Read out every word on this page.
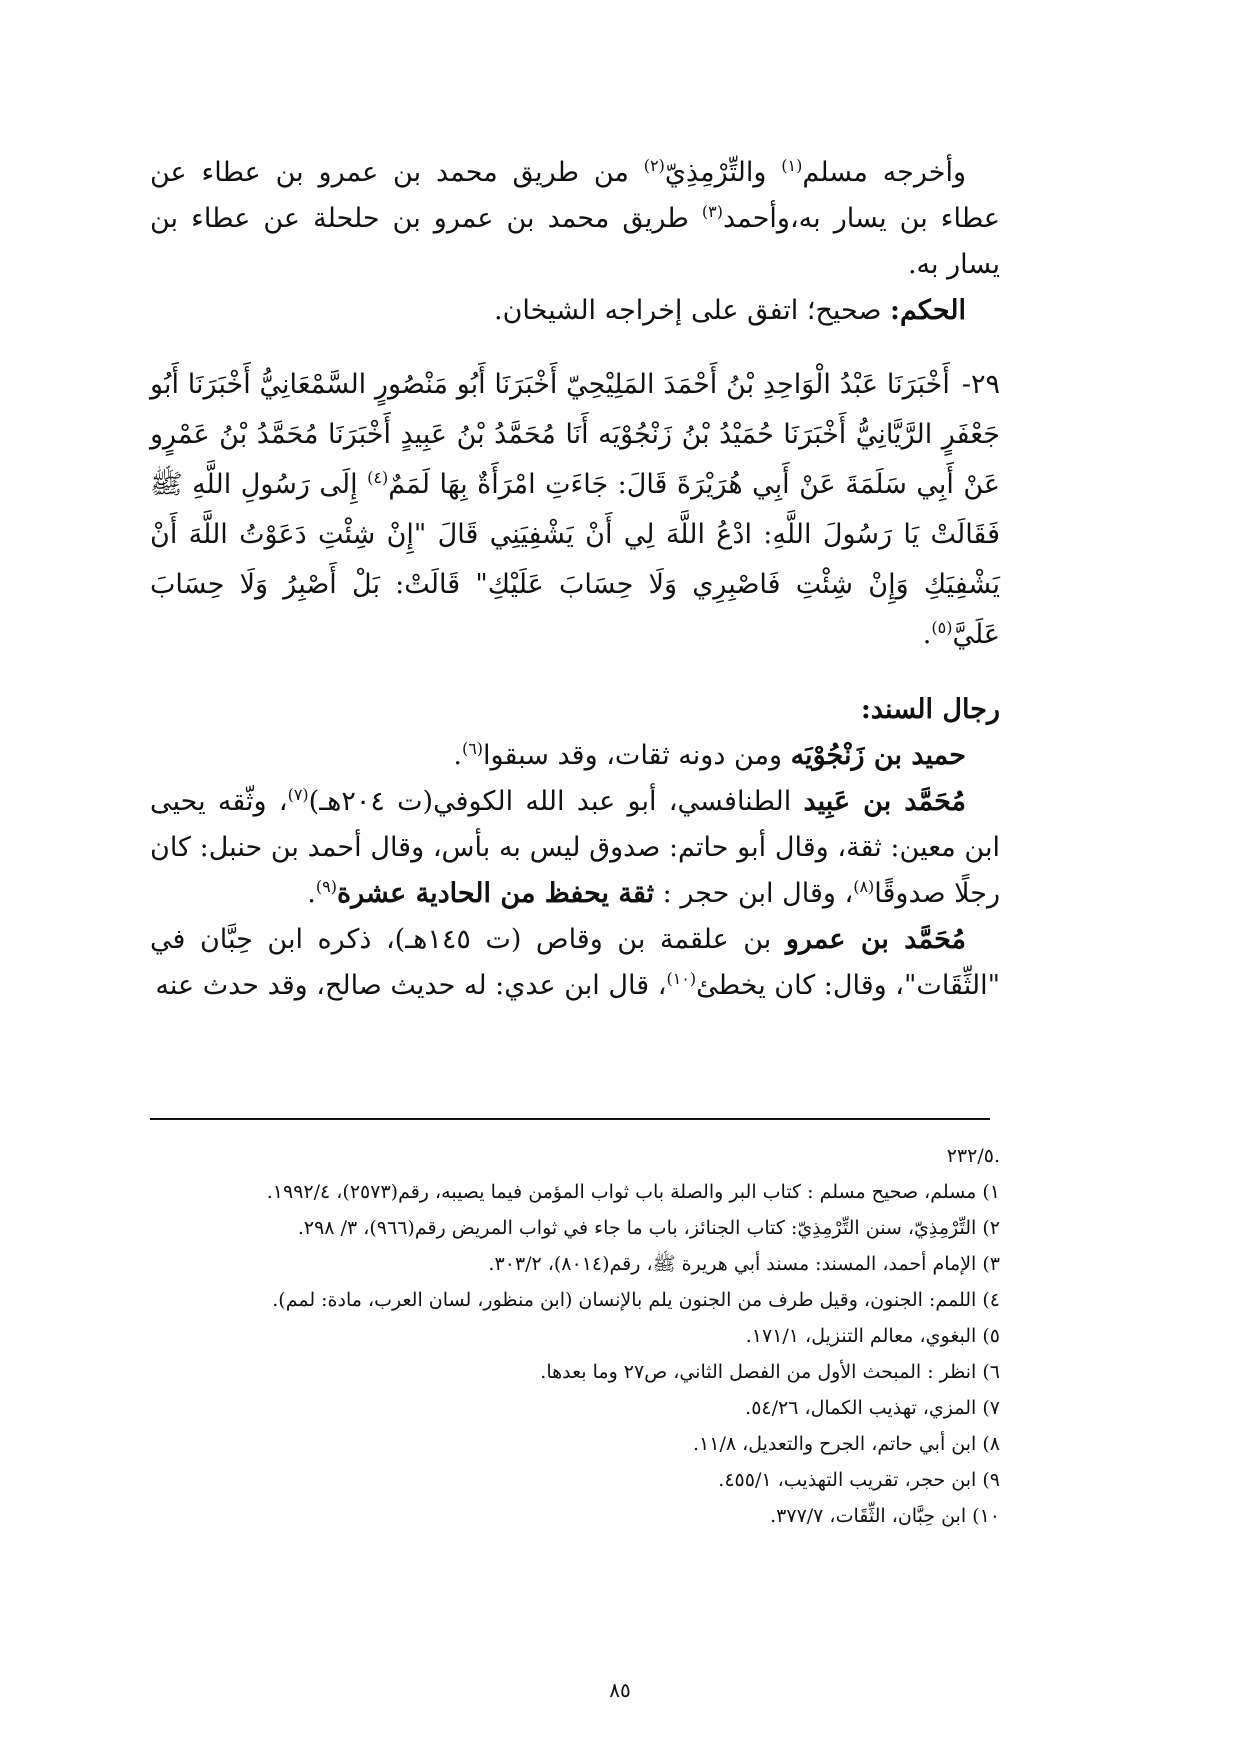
وأخرجه مسلم$^{(١)}$ والتِّرْمِذِيّ$^{(٢)}$ من طريق محمد بن عمرو بن عطاء عن عطاء بن يسار به،وأحمد$^{(٣)}$ طريق محمد بن عمرو بن حلحلة عن عطاء بن يسار به.

الحكم: صحيح؛ اتفق على إخراجه الشيخان.

٢٩-أَخْبَرَنَا عَبْدُ الْوَاحِدِ بْنُ أَحْمَدَ المَلِيْحِيّ أَخْبَرَنَا أَبُو مَنْصُورٍ السَّمْعَانِيُّ أَخْبَرَنَا أَبُو جَعْفَرٍ الرَّيَّانِيُّ أَخْبَرَنَا حُمَيْدُ بْنُ زَنْجُوْيَه أَنَا مُحَمَّدُ بْنُ عَبِيدٍ أَخْبَرَنَا مُحَمَّدُ بْنُ عَمْرٍو عَنْ أَبِي سَلَمَةَ عَنْ أَبِي هُرَيْرَةَ قَالَ: جَاءَتِ امْرَأَةٌ بِهَا لَمَمٌ$^{(٤)}$ إِلَى رَسُولِ اللَّهِ ﷺ فَقَالَتْ يَا رَسُولَ اللَّهِ: ادْعُ اللَّهَ لِي أَنْ يَشْفِيَنِي قَالَ "إِنْ شِئْتِ دَعَوْتُ اللَّهَ أَنْ يَشْفِيَكِ وَإِنْ شِئْتِ فَاصْبِرِي وَلَا حِسَابَ عَلَيْكِ" قَالَتْ: بَلْ أَصْبِرُ وَلَا حِسَابَ عَلَيَّ$^{(٥)}$.

رجال السند:

حميد بن زَنْجُوْيَه ومن دونه ثقات، وقد سبقوا$^{(٦)}$.

مُحَمَّد بن عَبِيد الطنافسي، أبو عبد الله الكوفي(ت ٢٠٤هـ)$^{(٧)}$، وثّقه يحيى ابن معين: ثقة، وقال أبو حاتم: صدوق ليس به بأس، وقال أحمد بن حنبل: كان رجلًا صدوقًا$^{(٨)}$، وقال ابن حجر : ثقة يحفظ من الحادية عشرة$^{(٩)}$.

مُحَمَّد بن عمرو بن علقمة بن وقاص (ت ١٤٥هـ)، ذكره ابن حِبَّان في "الثِّقَات"، وقال: كان يخطئ$^{(١٠)}$، قال ابن عدي: له حديث صالح، وقد حدث عنه

.٢٣٢/٥

١) مسلم، صحيح مسلم : كتاب البر والصلة باب ثواب المؤمن فيما يصيبه، رقم(٢٥٧٣)، ١٩٩٢/٤.

٢) التِّرْمِذِيّ، سنن التِّرْمِذِيّ: كتاب الجنائز، باب ما جاء في ثواب المريض رقم(٩٦٦)، ٣/ ٢٩٨.

٣) الإمام أحمد، المسند: مسند أبي هريرة ﷺ، رقم(٨٠١٤)، ٣٠٣/٢.

٤) اللمم: الجنون، وقيل طرف من الجنون يلم بالإنسان (ابن منظور، لسان العرب، مادة: لمم).

٥) البغوي، معالم التنزيل، ١٧١/١.

٦) انظر : المبحث الأول من الفصل الثاني، ص٢٧ وما بعدها.

٧) المزي، تهذيب الكمال، ٥٤/٢٦.

٨) ابن أبي حاتم، الجرح والتعديل، ١١/٨.

٩) ابن حجر، تقريب التهذيب، ٤٥٥/١.

١٠) ابن حِبَّان، الثِّقَات، ٣٧٧/٧.

٨٥
